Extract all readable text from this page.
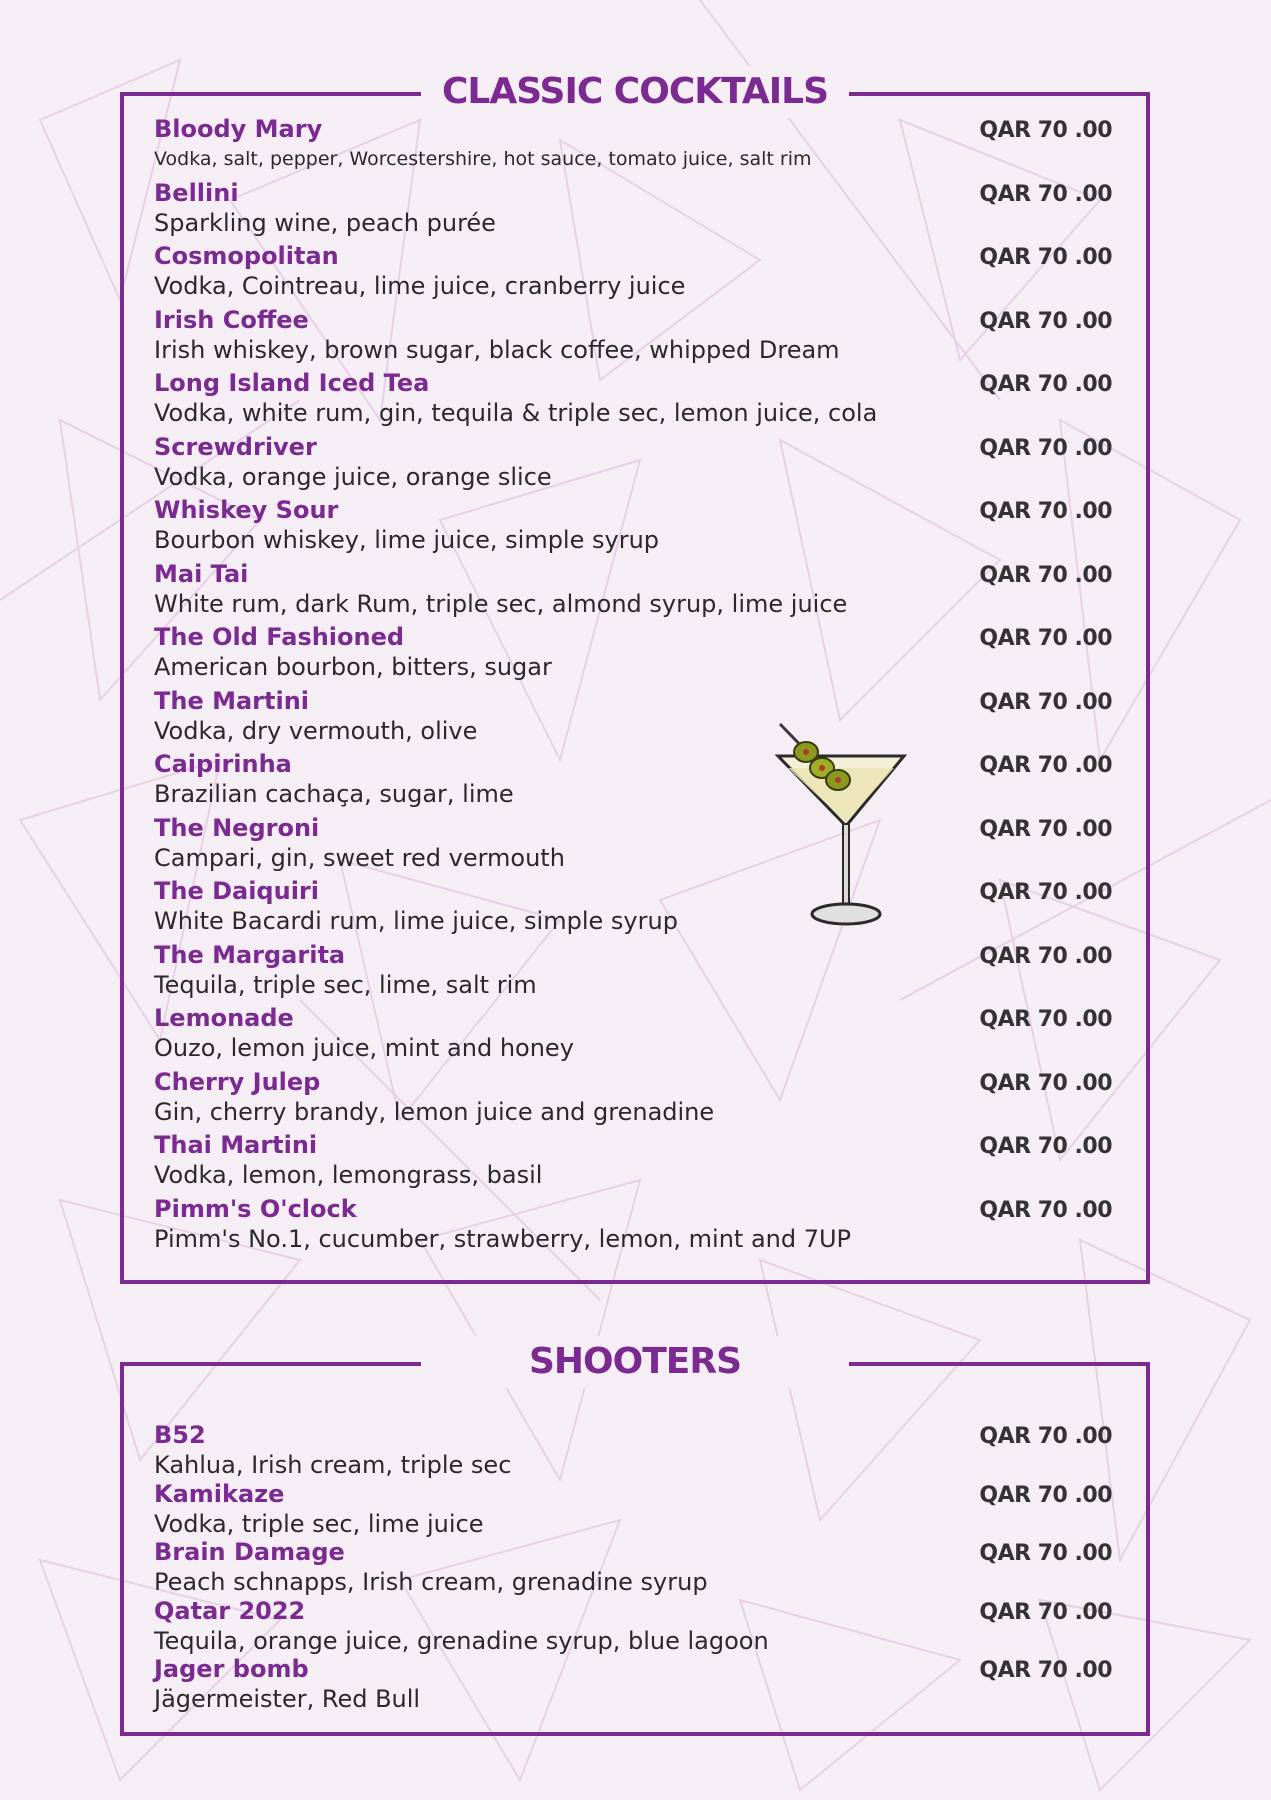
CLASSIC COCKTAILS
Bloody Mary
Vodka, salt, pepper, Worcestershire, hot sauce, tomato juice, salt rim
QAR 70 .00
Bellini
Sparkling wine, peach purée
QAR 70 .00
Cosmopolitan
Vodka, Cointreau, lime juice, cranberry juice
QAR 70 .00
Irish Coffee
Irish whiskey, brown sugar, black coffee, whipped Dream
QAR 70 .00
Long Island Iced Tea
Vodka, white rum, gin, tequila & triple sec, lemon juice, cola
QAR 70 .00
Screwdriver
Vodka, orange juice, orange slice
QAR 70 .00
Whiskey Sour
Bourbon whiskey, lime juice, simple syrup
QAR 70 .00
Mai Tai
White rum, dark Rum, triple sec, almond syrup, lime juice
QAR 70 .00
The Old Fashioned
American bourbon, bitters, sugar
QAR 70 .00
The Martini
Vodka, dry vermouth, olive
QAR 70 .00
Caipirinha
Brazilian cachaça, sugar, lime
QAR 70 .00
The Negroni
Campari, gin, sweet red vermouth
QAR 70 .00
The Daiquiri
White Bacardi rum, lime juice, simple syrup
QAR 70 .00
The Margarita
Tequila, triple sec, lime, salt rim
QAR 70 .00
Lemonade
Ouzo, lemon juice, mint and honey
QAR 70 .00
Cherry Julep
Gin, cherry brandy, lemon juice and grenadine
QAR 70 .00
Thai Martini
Vodka, lemon, lemongrass, basil
QAR 70 .00
Pimm's O'clock
Pimm's No.1, cucumber, strawberry, lemon, mint and 7UP
QAR 70 .00
SHOOTERS
B52
Kahlua, Irish cream, triple sec
QAR 70 .00
Kamikaze
Vodka, triple sec, lime juice
QAR 70 .00
Brain Damage
Peach schnapps, Irish cream, grenadine syrup
QAR 70 .00
Qatar 2022
Tequila, orange juice, grenadine syrup, blue lagoon
QAR 70 .00
Jager bomb
Jägermeister, Red Bull
QAR 70 .00
